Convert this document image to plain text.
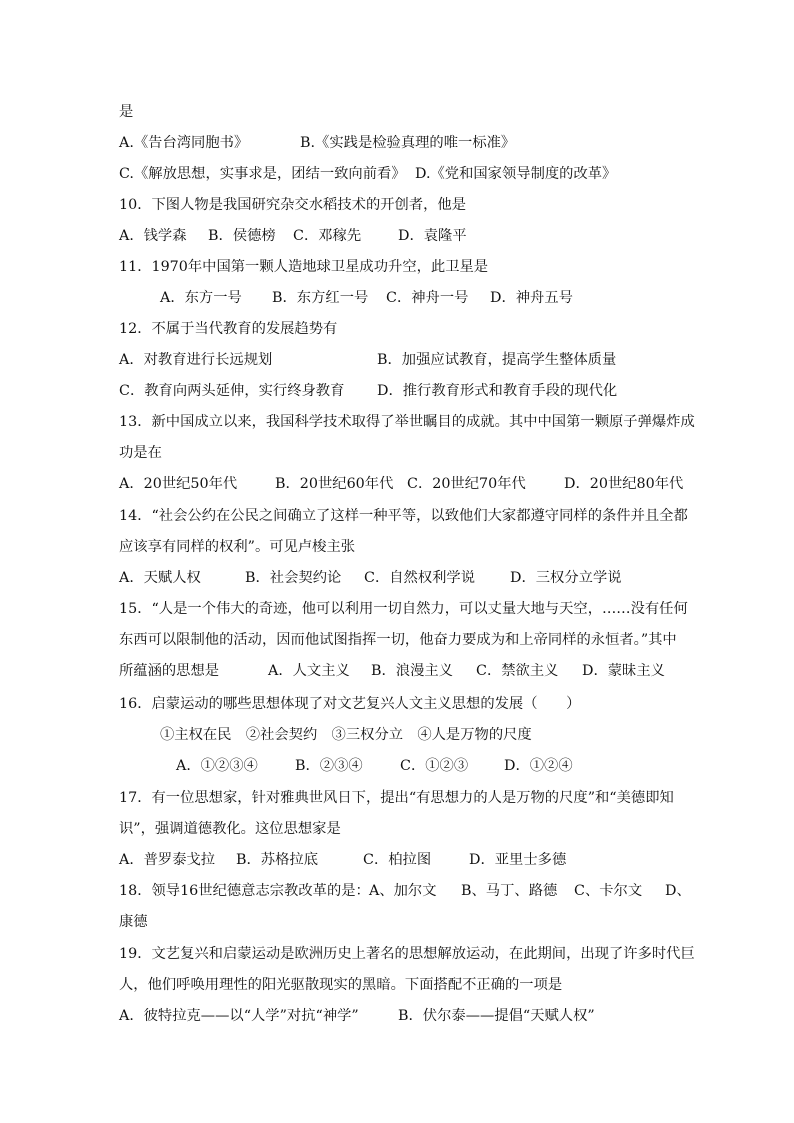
是

A.《告台湾同胞书》

	B.《实践是检验真理的唯一标准》

C.《解放思想，实事求是，团结一致向前看》

D.《党和国家领导制度的改革》

10．下图人物是我国研究杂交水稻技术的开创者，他是

A．钱学森

B．侯德榜

C．邓稼先

	D．袁隆平

11．1970年中国第一颗人造地球卫星成功升空，此卫星是

A．东方一号

B．东方红一号

C．神舟一号

D．神舟五号

12．不属于当代教育的发展趋势有

A．对教育进行长远规划

	B．加强应试教育，提高学生整体质量

C．教育向两头延伸，实行终身教育

D．推行教育形式和教育手段的现代化

13．新中国成立以来，我国科学技术取得了举世瞩目的成就。其中中国第一颗原子弹爆炸成
功是在

A．20世纪50年代

	B．20世纪60年代

C．20世纪70年代

	D．20世纪80年代

14．“社会公约在公民之间确立了这样一种平等，以致他们大家都遵守同样的条件并且全都
应该享有同样的权利”。可见卢梭主张

A．天赋人权

	B．社会契约论

C．自然权利学说

D．三权分立学说

15．“人是一个伟大的奇迹，他可以利用一切自然力，可以丈量大地与天空，……没有任何
东西可以限制他的活动，因而他试图指挥一切，他奋力要成为和上帝同样的永恒者。”其中

所蕴涵的思想是

	A．人文主义

B．浪漫主义

C．禁欲主义

D．蒙昧主义

16．启蒙运动的哪些思想体现了对文艺复兴人文主义思想的发展（　　）

①主权在民　②社会契约　③三权分立　④人是万物的尺度

A．①②③④

	B．②③④

	C．①②③

	D．①②④

17．有一位思想家，针对雅典世风日下，提出“有思想力的人是万物的尺度”和“美德即知
识”，强调道德教化。这位思想家是

A．普罗泰戈拉

B．苏格拉底

	C．柏拉图

	D．亚里士多德

18．领导16世纪德意志宗教改革的是：

A、加尔文

B、马丁、路德

C、卡尔文

D、

康德
19．文艺复兴和启蒙运动是欧洲历史上著名的思想解放运动，在此期间，出现了许多时代巨
人，他们呼唤用理性的阳光驱散现实的黑暗。下面搭配不正确的一项是

A．彼特拉克——以“人学”对抗“神学”

	B．伏尔泰——提倡“天赋人权”
